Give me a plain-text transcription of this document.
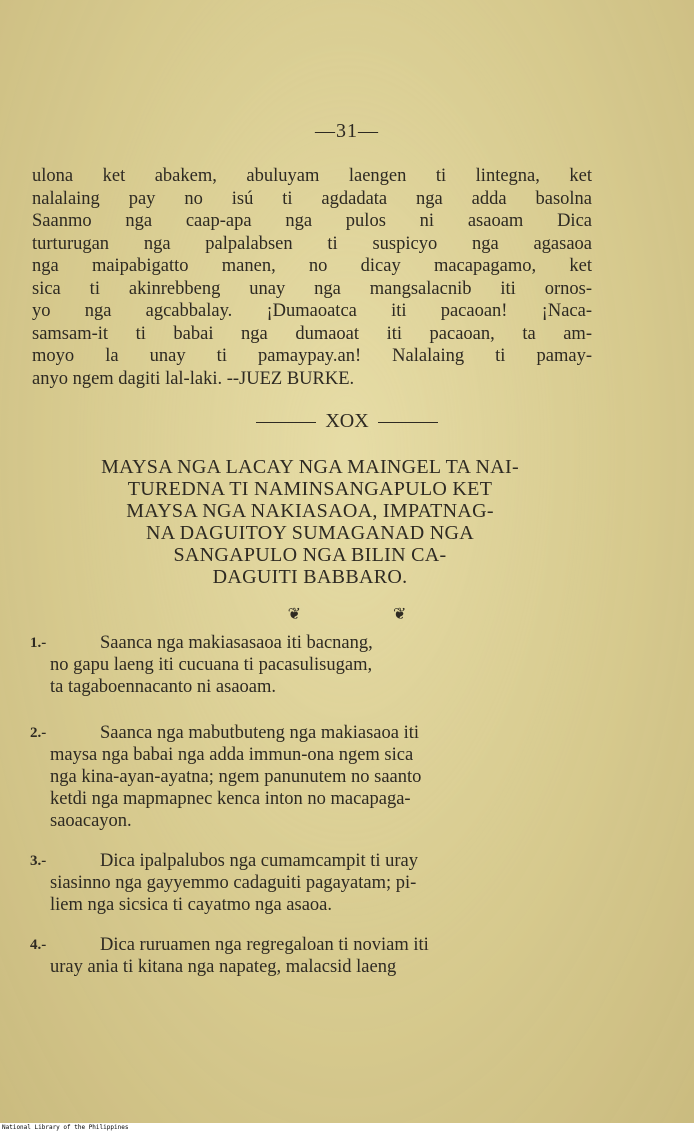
—31—
ulona ket abakem, abuluyam laengen ti lintegna, ket
nalalaing pay no isú ti agdadata nga adda basolna
Saanmo nga caap-apa nga pulos ni asaoam Dica
turturugan nga palpalabsen ti suspicyo nga agasaoa
nga maipabigatto manen, no dicay macapagamo, ket
sica ti akinrebbeng unay nga mangsalacnib iti ornos-
yo nga agcabbalay. ¡Dumaoatca iti pacaoan! ¡Naca-
samsam-it ti babai nga dumaoat iti pacaoan, ta am-
moyo la unay ti pamaypay.an! Nalalaing ti pamay-
anyo ngem dagiti lal-laki. --JUEZ BURKE.
XOX
MAYSA NGA LACAY NGA MAINGEL TA NAI-
TUREDNA TI NAMINSANGAPULO KET
MAYSA NGA NAKIASAOA, IMPATNAG-
NA DAGUITOY SUMAGANAD NGA
SANGAPULO NGA BILIN CA-
DAGUITI BABBARO.
❦	❦
1.-	Saanca nga makiasasaoa iti bacnang,
no gapu laeng iti cucuana ti pacasulisugam,
ta tagaboennacanto ni asaoam.
2.-	Saanca nga mabutbuteng nga makiasaoa iti
maysa nga babai nga adda immun-ona ngem sica
nga kina-ayan-ayatna; ngem panunutem no saanto
ketdi nga mapmapnec kenca inton no macapaga-
saoacayon.
3.-	Dica ipalpalubos nga cumamcampit ti uray
siasinno nga gayyemmo cadaguiti pagayatam; pi-
liem nga sicsica ti cayatmo nga asaoa.
4.-	Dica ruruamen nga regregaloan ti noviam iti
uray ania ti kitana nga napateg, malacsid laeng
National Library of the Philippines
